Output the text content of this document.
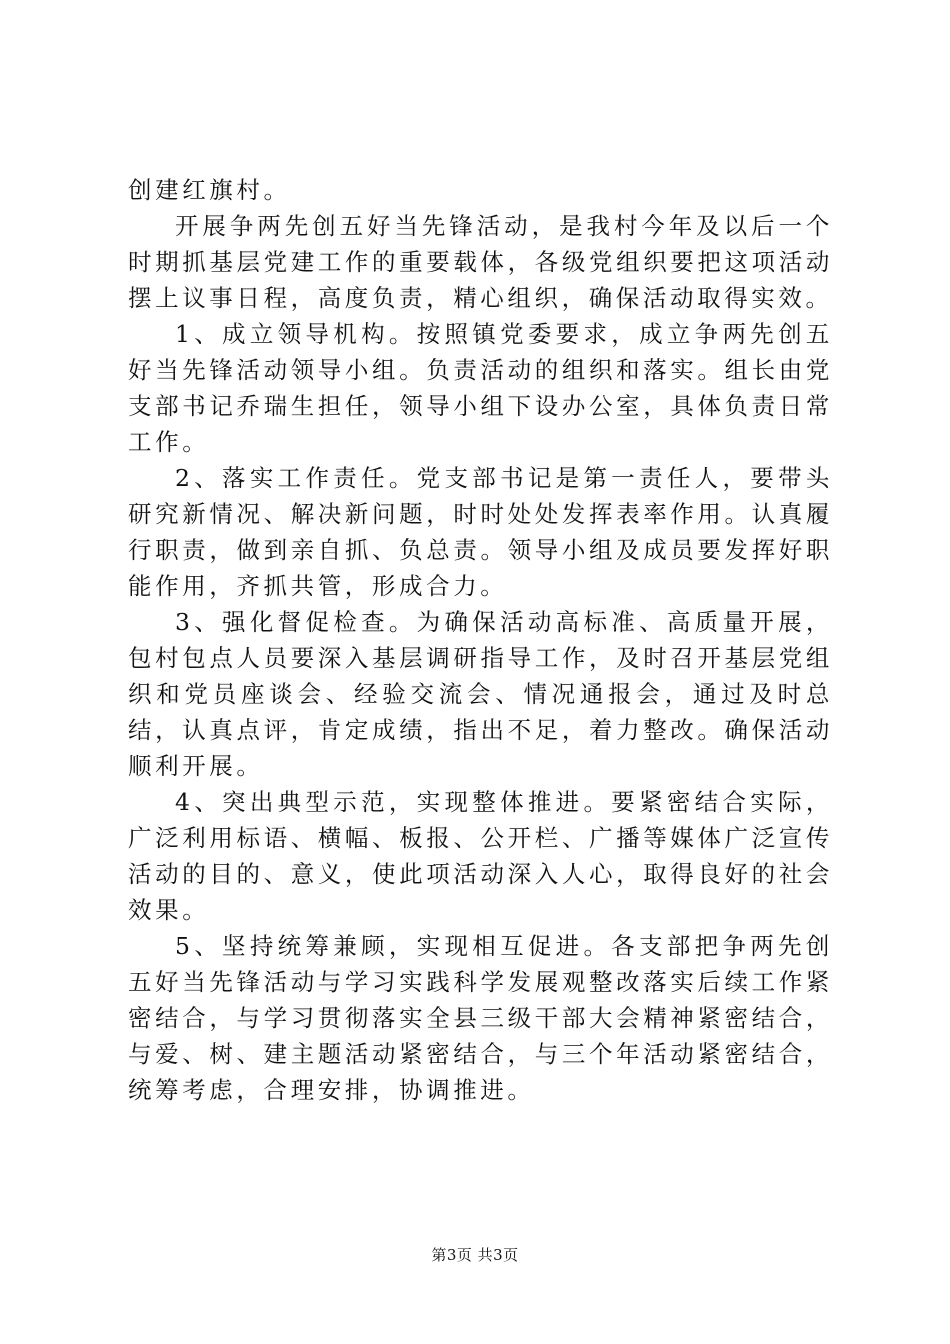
创建红旗村。

开展争两先创五好当先锋活动，是我村今年及以后一个时期抓基层党建工作的重要载体，各级党组织要把这项活动摆上议事日程，高度负责，精心组织，确保活动取得实效。

1、成立领导机构。按照镇党委要求，成立争两先创五好当先锋活动领导小组。负责活动的组织和落实。组长由党支部书记乔瑞生担任，领导小组下设办公室，具体负责日常工作。

2、落实工作责任。党支部书记是第一责任人，要带头研究新情况、解决新问题，时时处处发挥表率作用。认真履行职责，做到亲自抓、负总责。领导小组及成员要发挥好职能作用，齐抓共管，形成合力。

3、强化督促检查。为确保活动高标准、高质量开展，包村包点人员要深入基层调研指导工作，及时召开基层党组织和党员座谈会、经验交流会、情况通报会，通过及时总结，认真点评，肯定成绩，指出不足，着力整改。确保活动顺利开展。

4、突出典型示范，实现整体推进。要紧密结合实际，广泛利用标语、横幅、板报、公开栏、广播等媒体广泛宣传活动的目的、意义，使此项活动深入人心，取得良好的社会效果。

5、坚持统筹兼顾，实现相互促进。各支部把争两先创五好当先锋活动与学习实践科学发展观整改落实后续工作紧密结合，与学习贯彻落实全县三级干部大会精神紧密结合，与爱、树、建主题活动紧密结合，与三个年活动紧密结合，统筹考虑，合理安排，协调推进。

第3页 共3页
